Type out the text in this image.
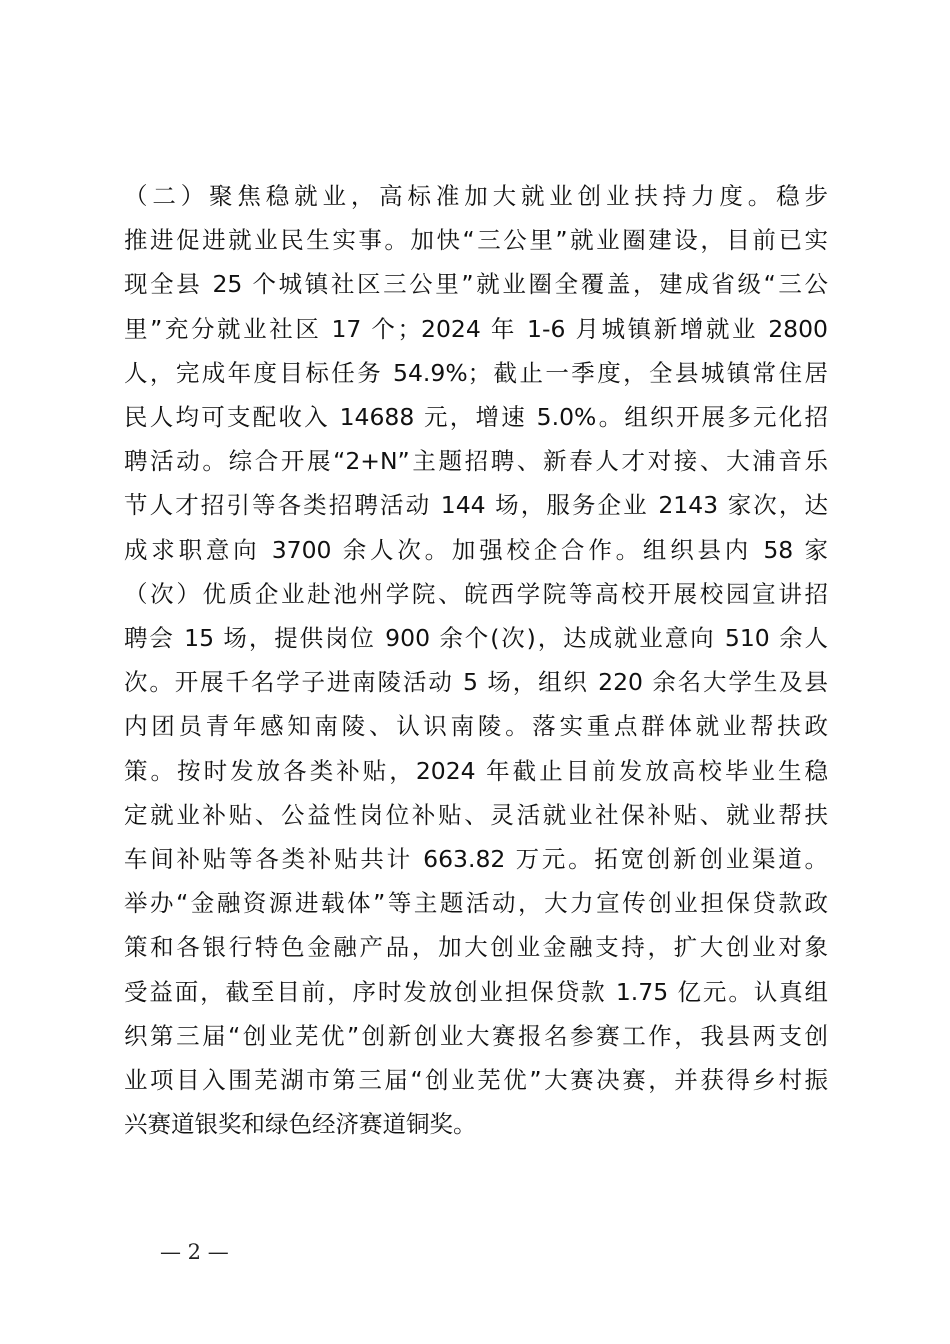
（二）聚焦稳就业，高标准加大就业创业扶持力度。稳步
推进促进就业民生实事。加快“三公里”就业圈建设，目前已实
现全县 25 个城镇社区三公里”就业圈全覆盖，建成省级“三公
里”充分就业社区 17 个；2024 年 1-6 月城镇新增就业 2800
人，完成年度目标任务 54.9%；截止一季度，全县城镇常住居
民人均可支配收入 14688 元，增速 5.0%。组织开展多元化招
聘活动。综合开展“2+N”主题招聘、新春人才对接、大浦音乐
节人才招引等各类招聘活动 144 场，服务企业 2143 家次，达
成求职意向 3700 余人次。加强校企合作。组织县内 58 家
（次）优质企业赴池州学院、皖西学院等高校开展校园宣讲招
聘会 15 场，提供岗位 900 余个(次)，达成就业意向 510 余人
次。开展千名学子进南陵活动 5 场，组织 220 余名大学生及县
内团员青年感知南陵、认识南陵。落实重点群体就业帮扶政
策。按时发放各类补贴，2024 年截止目前发放高校毕业生稳
定就业补贴、公益性岗位补贴、灵活就业社保补贴、就业帮扶
车间补贴等各类补贴共计 663.82 万元。拓宽创新创业渠道。
举办“金融资源进载体”等主题活动，大力宣传创业担保贷款政
策和各银行特色金融产品，加大创业金融支持，扩大创业对象
受益面，截至目前，序时发放创业担保贷款 1.75 亿元。认真组
织第三届“创业芜优”创新创业大赛报名参赛工作，我县两支创
业项目入围芜湖市第三届“创业芜优”大赛决赛，并获得乡村振
兴赛道银奖和绿色经济赛道铜奖。
— 2 —
